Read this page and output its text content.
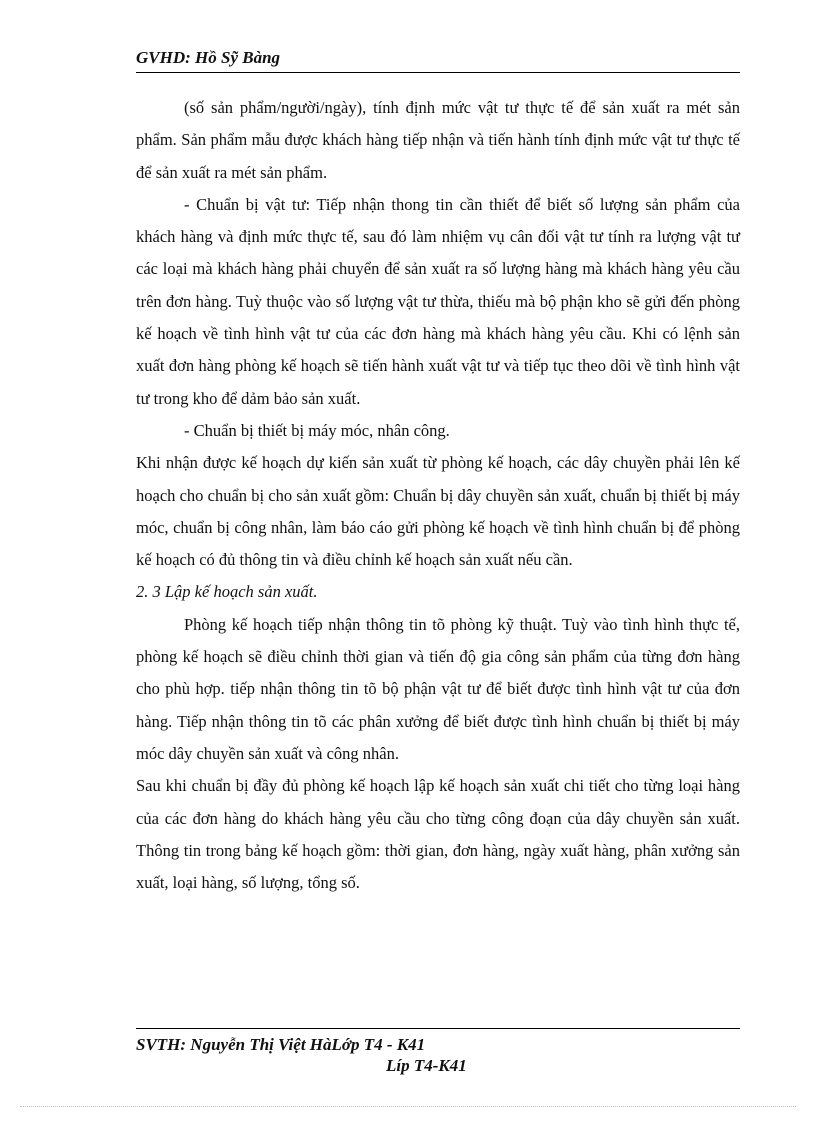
GVHD: Hồ Sỹ Bàng

(số sản phẩm/người/ngày), tính định mức vật tư thực tế để sản xuất ra mét sản phẩm. Sản phẩm mẫu được khách hàng tiếp nhận và tiến hành tính định mức vật tư thực tế để sản xuất ra mét sản phẩm.

- Chuẩn bị vật tư: Tiếp nhận thong tin cần thiết để biết số lượng sản phẩm của khách hàng và định mức thực tế, sau đó làm nhiệm vụ cân đối vật tư tính ra lượng vật tư các loại mà khách hàng phải chuyển để sản xuất ra số lượng hàng mà khách hàng yêu cầu trên đơn hàng. Tuỳ thuộc vào số lượng vật tư thừa, thiếu mà bộ phận kho sẽ gửi đến phòng kế hoạch về tình hình vật tư của các đơn hàng mà khách hàng yêu cầu. Khi có lệnh sản xuất đơn hàng phòng kế hoạch sẽ tiến hành xuất vật tư và tiếp tục theo dõi về tình hình vật tư trong kho để dảm bảo sản xuất.

- Chuẩn bị thiết bị máy móc, nhân công.

Khi nhận được kế hoạch dự kiến sản xuất từ phòng kế hoạch, các dây chuyền phải lên kế hoạch cho chuẩn bị cho sản xuất gồm: Chuẩn bị dây chuyền sản xuất, chuẩn bị thiết bị máy móc, chuẩn bị công nhân, làm báo cáo gửi phòng kế hoạch về tình hình chuẩn bị để phòng kế hoạch có đủ thông tin và điều chỉnh kế hoạch sản xuất nếu cần.

2. 3 Lập kế hoạch sản xuất.

Phòng kế hoạch tiếp nhận thông tin tõ phòng kỹ thuật. Tuỳ vào tình hình thực tế, phòng kế hoạch sẽ điều chỉnh thời gian và tiến độ gia công sản phẩm của từng đơn hàng cho phù hợp. tiếp nhận thông tin tõ bộ phận vật tư để biết được tình hình vật tư của đơn hàng. Tiếp nhận thông tin tõ các phân xưởng để biết được tình hình chuẩn bị thiết bị máy móc dây chuyền sản xuất và công nhân.

Sau khi chuẩn bị đầy đủ phòng kế hoạch lập kế hoạch sản xuất chi tiết cho từng loại hàng của các đơn hàng do khách hàng yêu cầu cho từng công đoạn của dây chuyền sản xuất. Thông tin trong bảng kế hoạch gồm: thời gian, đơn hàng, ngày xuất hàng, phân xưởng sản xuất, loại hàng, số lượng, tổng số.

SVTH: Nguyễn Thị Việt HàLớp T4 - K41
Líp T4-K41
